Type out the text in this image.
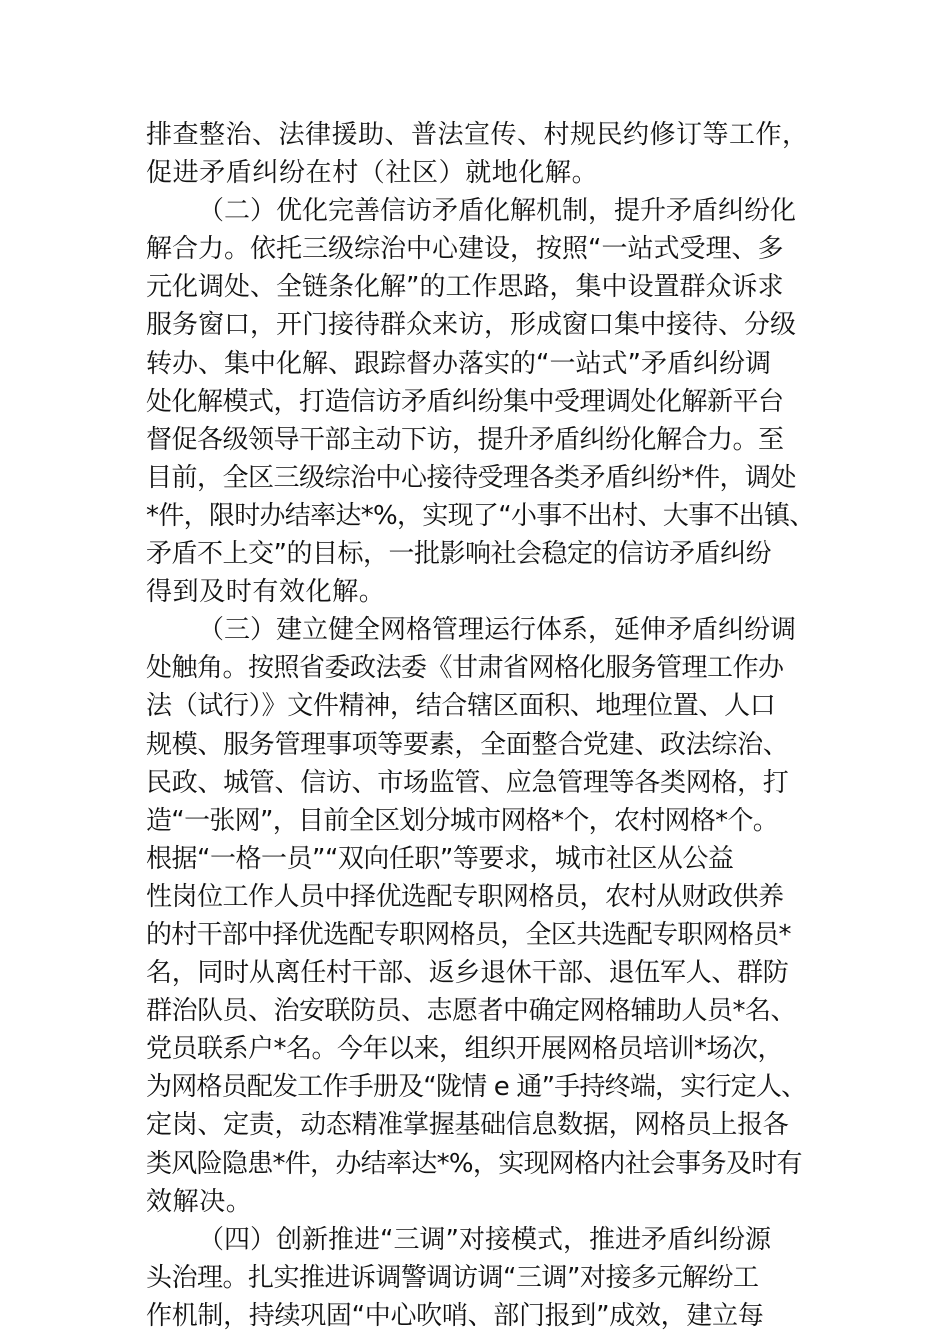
排查整治、法律援助、普法宣传、村规民约修订等工作，
促进矛盾纠纷在村（社区）就地化解。
（二）优化完善信访矛盾化解机制，提升矛盾纠纷化
解合力。依托三级综治中心建设，按照“一站式受理、多
元化调处、全链条化解”的工作思路，集中设置群众诉求
服务窗口，开门接待群众来访，形成窗口集中接待、分级
转办、集中化解、跟踪督办落实的“一站式”矛盾纠纷调
处化解模式，打造信访矛盾纠纷集中受理调处化解新平台
督促各级领导干部主动下访，提升矛盾纠纷化解合力。至
目前，全区三级综治中心接待受理各类矛盾纠纷*件，调处
*件，限时办结率达*%，实现了“小事不出村、大事不出镇、
矛盾不上交”的目标，一批影响社会稳定的信访矛盾纠纷
得到及时有效化解。
（三）建立健全网格管理运行体系，延伸矛盾纠纷调
处触角。按照省委政法委《甘肃省网格化服务管理工作办
法（试行）》文件精神，结合辖区面积、地理位置、人口
规模、服务管理事项等要素，全面整合党建、政法综治、
民政、城管、信访、市场监管、应急管理等各类网格，打
造“一张网”，目前全区划分城市网格*个，农村网格*个。
根据“一格一员”“双向任职”等要求，城市社区从公益
性岗位工作人员中择优选配专职网格员，农村从财政供养
的村干部中择优选配专职网格员，全区共选配专职网格员*
名，同时从离任村干部、返乡退休干部、退伍军人、群防
群治队员、治安联防员、志愿者中确定网格辅助人员*名、
党员联系户*名。今年以来，组织开展网格员培训*场次，
为网格员配发工作手册及“陇情 e 通”手持终端，实行定人、
定岗、定责，动态精准掌握基础信息数据，网格员上报各
类风险隐患*件，办结率达*%，实现网格内社会事务及时有
效解决。
（四）创新推进“三调”对接模式，推进矛盾纠纷源
头治理。扎实推进诉调警调访调“三调”对接多元解纷工
作机制，持续巩固“中心吹哨、部门报到”成效，建立每
